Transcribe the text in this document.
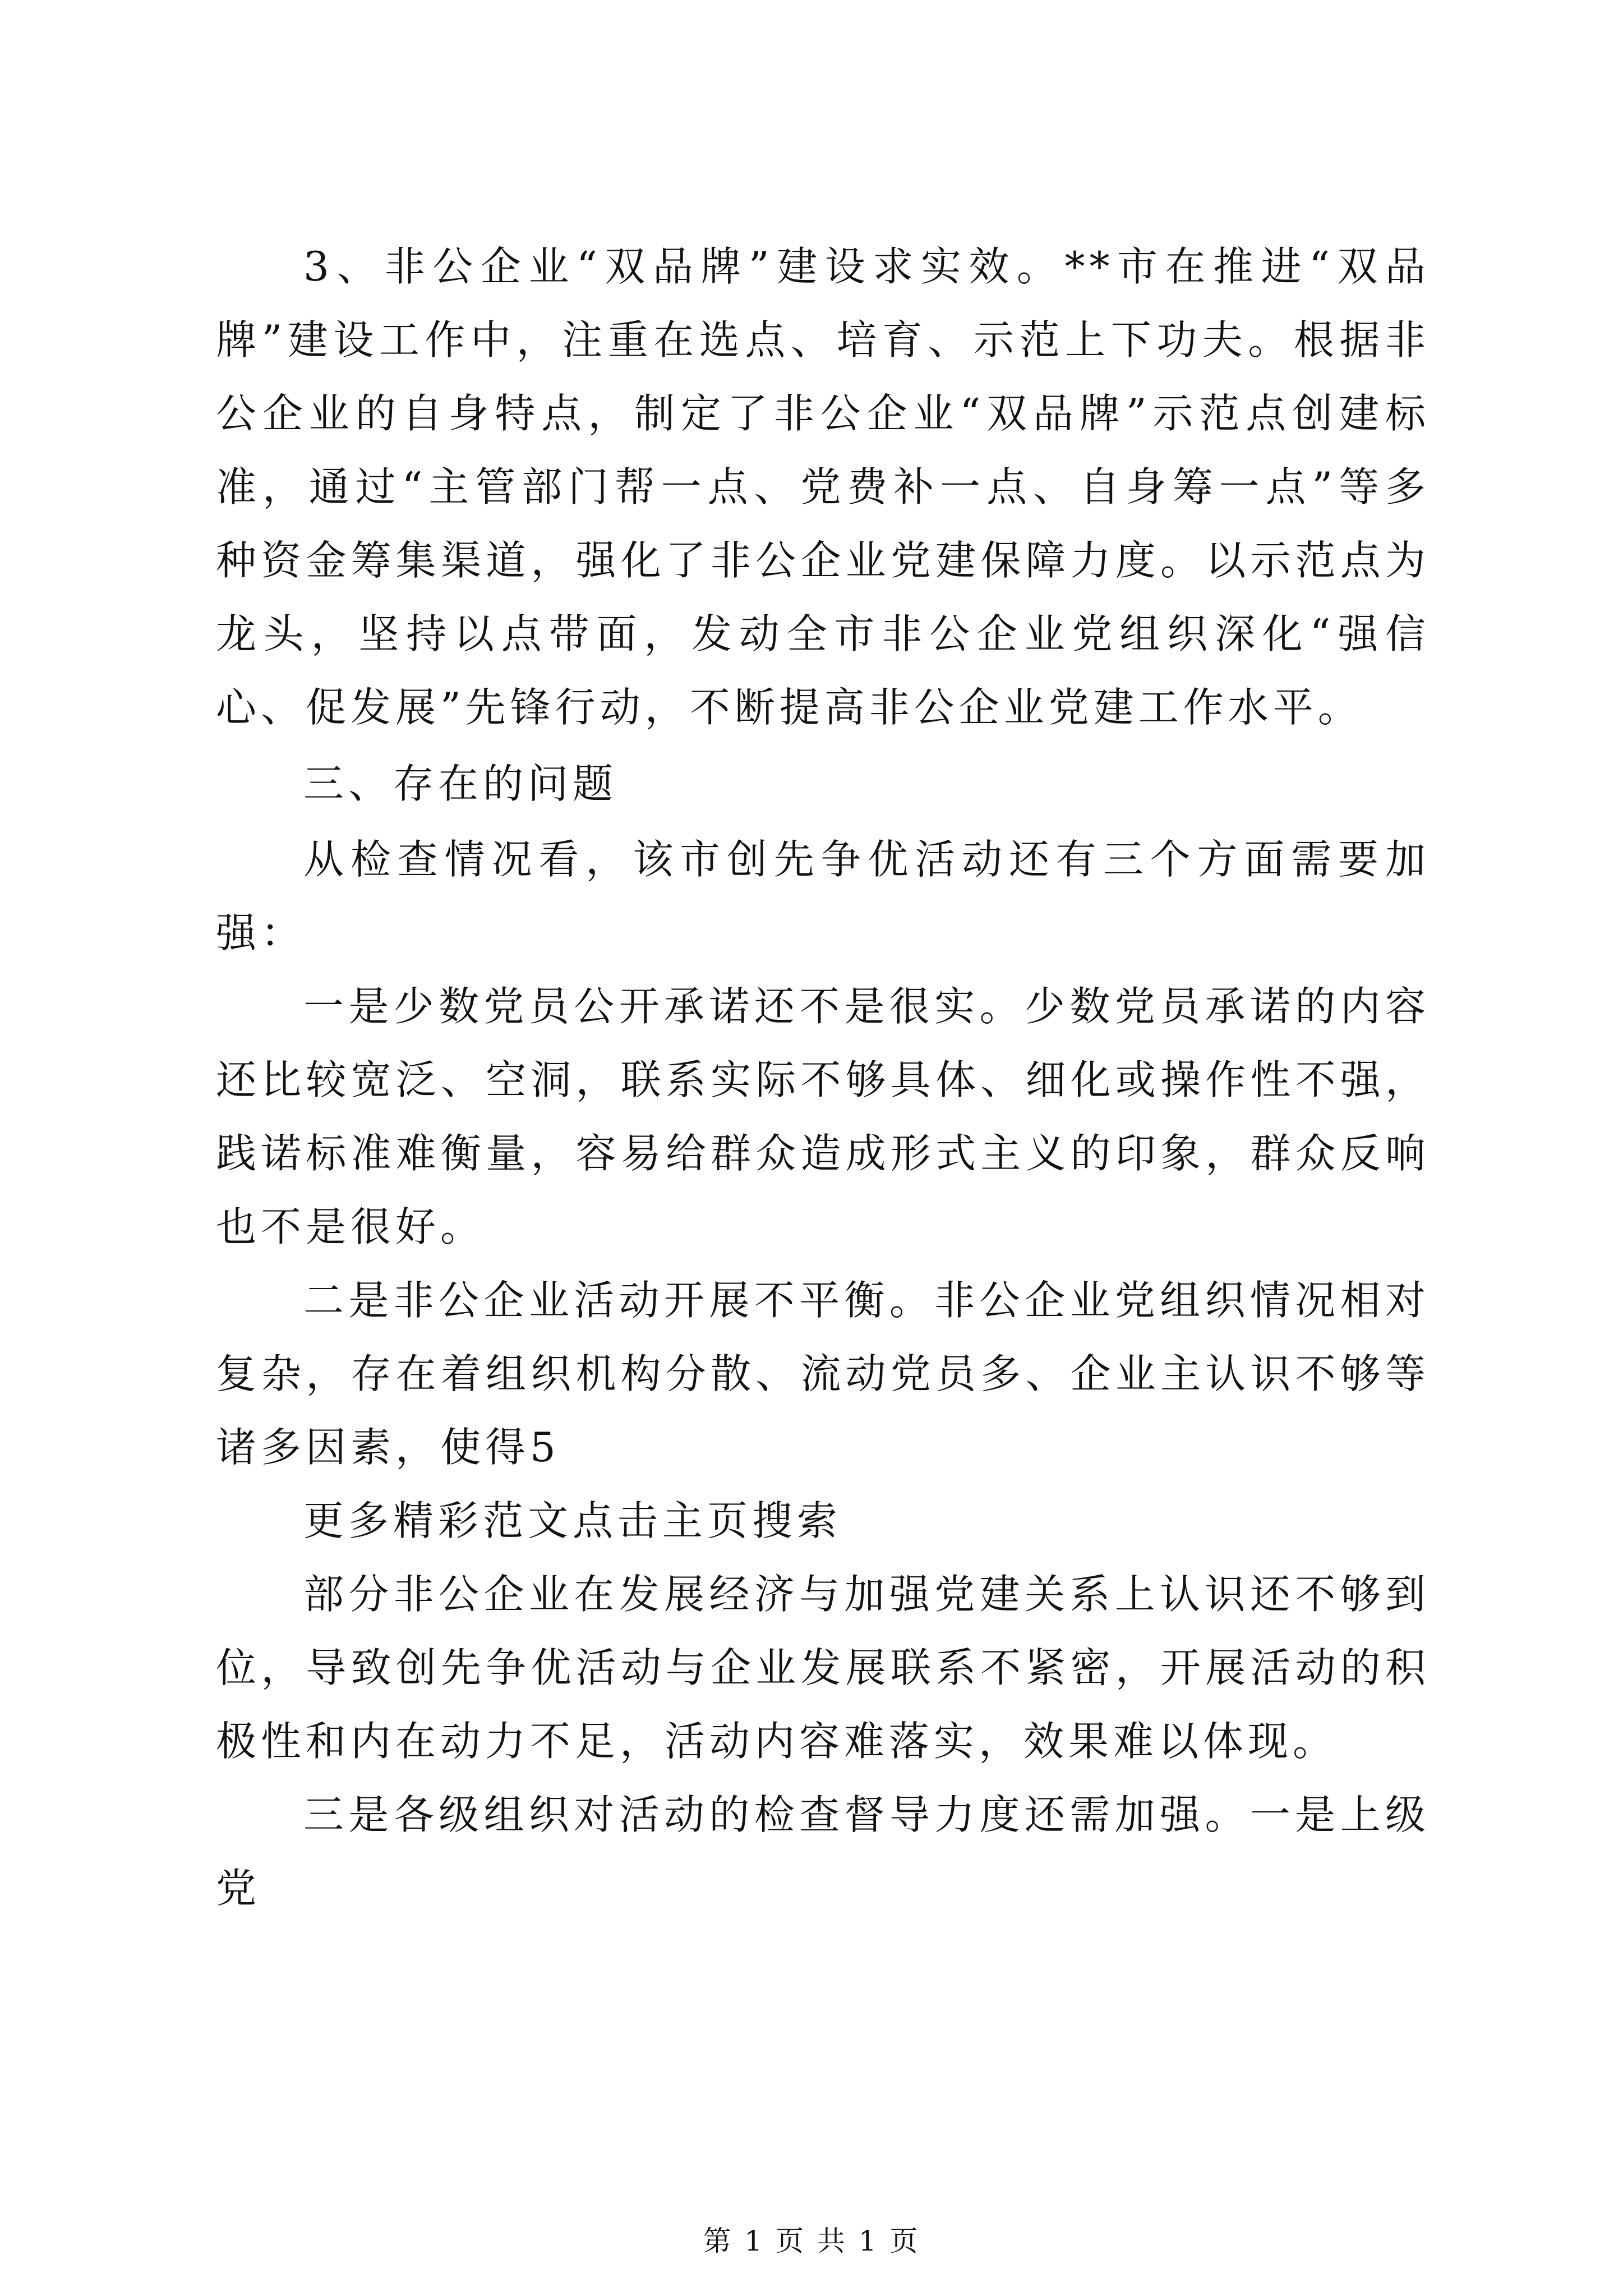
3、非公企业“双品牌”建设求实效。**市在推进“双品牌”建设工作中，注重在选点、培育、示范上下功夫。根据非公企业的自身特点，制定了非公企业“双品牌”示范点创建标准，通过“主管部门帮一点、党费补一点、自身筹一点”等多种资金筹集渠道，强化了非公企业党建保障力度。以示范点为龙头，坚持以点带面，发动全市非公企业党组织深化“强信心、促发展”先锋行动，不断提高非公企业党建工作水平。

三、存在的问题

从检查情况看，该市创先争优活动还有三个方面需要加强：

一是少数党员公开承诺还不是很实。少数党员承诺的内容还比较宽泛、空洞，联系实际不够具体、细化或操作性不强，践诺标准难衡量，容易给群众造成形式主义的印象，群众反响也不是很好。

二是非公企业活动开展不平衡。非公企业党组织情况相对复杂，存在着组织机构分散、流动党员多、企业主认识不够等诸多因素，使得5

更多精彩范文点击主页搜索

部分非公企业在发展经济与加强党建关系上认识还不够到位，导致创先争优活动与企业发展联系不紧密，开展活动的积极性和内在动力不足，活动内容难落实，效果难以体现。

三是各级组织对活动的检查督导力度还需加强。一是上级党

第 1 页 共 1 页
